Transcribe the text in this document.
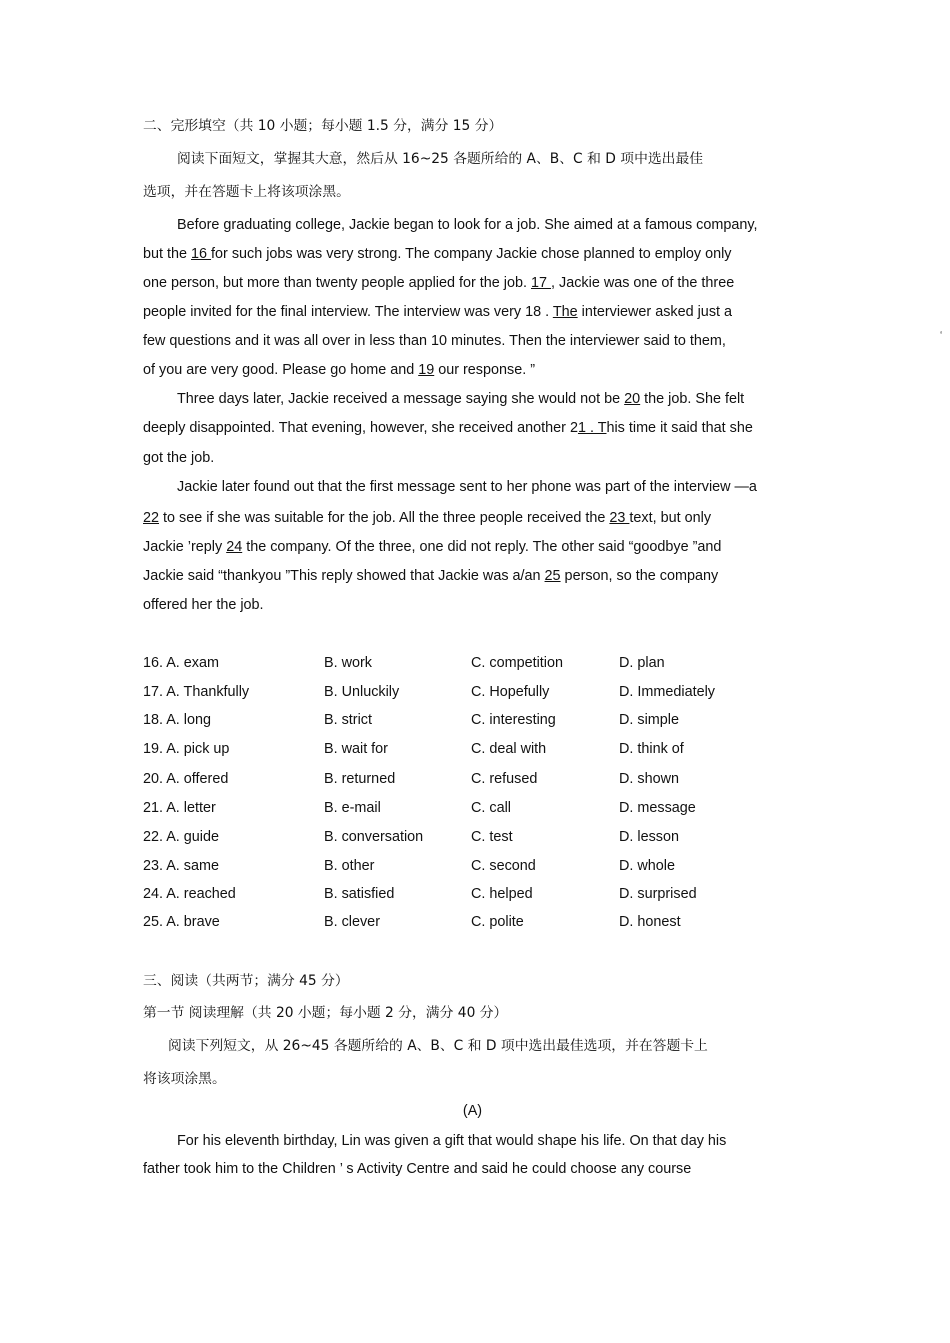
二、完形填空（共 10 小题；每小题 1.5 分，满分 15 分）
阅读下面短文，掌握其大意，然后从 16~25 各题所给的 A、B、C 和 D 项中选出最佳
选项，并在答题卡上将该项涂黑。
Before graduating college, Jackie began to look for a job. She aimed at a famous company,
but the 16 for such jobs was very strong. The company Jackie chose planned to employ only
one person, but more than twenty people applied for the job. 17 , Jackie was one of the three
people invited for the final interview. The interview was very 18 . The interviewer asked just a
few questions and it was all over in less than 10 minutes. Then the interviewer said to them,
of you are very good. Please go home and 19 our response. ”
Three days later, Jackie received a message saying she would not be 20 the job. She felt
deeply disappointed. That evening, however, she received another 21 . This time it said that she
got the job.
Jackie later found out that the first message sent to her phone was part of the interview —a
22 to see if she was suitable for the job. All the three people received the 23 text, but only
Jackie ’reply 24 the company. Of the three, one did not reply. The other said “goodbye ”and
Jackie said “thankyou ”This reply showed that Jackie was a/an 25 person, so the company
offered her the job.
16. A. exam	B. work	C. competition	D. plan
17. A. Thankfully	B. Unluckily	C. Hopefully	D. Immediately
18. A. long	B. strict	C. interesting	D. simple
19. A. pick up	B. wait for	C. deal with	D. think of
20. A. offered	B. returned	C. refused	D. shown
21. A. letter	B. e-mail	C. call	D. message
22. A. guide	B. conversation	C. test	D. lesson
23. A. same	B. other	C. second	D. whole
24. A. reached	B. satisfied	C. helped	D. surprised
25. A. brave	B. clever	C. polite	D. honest
三、阅读（共两节；满分 45 分）
第一节 阅读理解（共 20 小题；每小题 2 分，满分 40 分）
阅读下列短文，从 26~45 各题所给的 A、B、C 和 D 项中选出最佳选项，并在答题卡上
将该项涂黑。
(A)
For his eleventh birthday, Lin was given a gift that would shape his life. On that day his
father took him to the Children ’ s Activity Centre and said he could choose any course
‘
